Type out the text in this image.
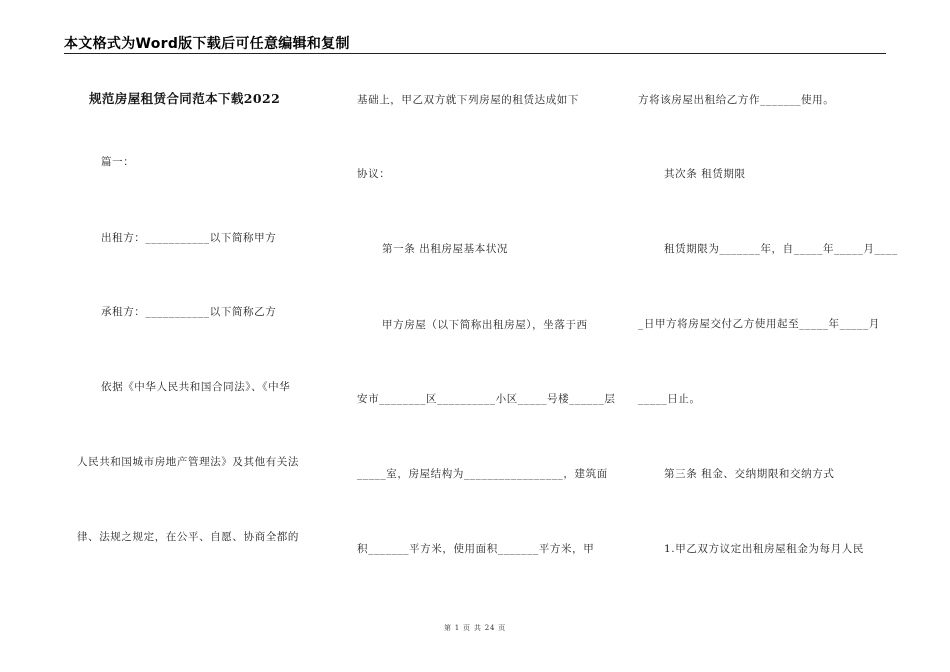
本文格式为Word版下载后可任意编辑和复制
规范房屋租赁合同范本下载2022
篇一：
出租方：___________以下简称甲方
承租方：___________以下简称乙方
依据《中华人民共和国合同法》、《中华
人民共和国城市房地产管理法》及其他有关法
律、法规之规定，在公平、自愿、协商全都的
基础上，甲乙双方就下列房屋的租赁达成如下
协议：
第一条 出租房屋基本状况
甲方房屋（以下简称出租房屋），坐落于西
安市________区__________小区_____号楼______层
_____室，房屋结构为_________________，建筑面
积_______平方米，使用面积_______平方米，甲
方将该房屋出租给乙方作_______使用。
其次条 租赁期限
租赁期限为_______年，自_____年_____月____
_日甲方将房屋交付乙方使用起至_____年_____月
_____日止。
第三条 租金、交纳期限和交纳方式
1.甲乙双方议定出租房屋租金为每月人民
第 1 页 共 24 页
